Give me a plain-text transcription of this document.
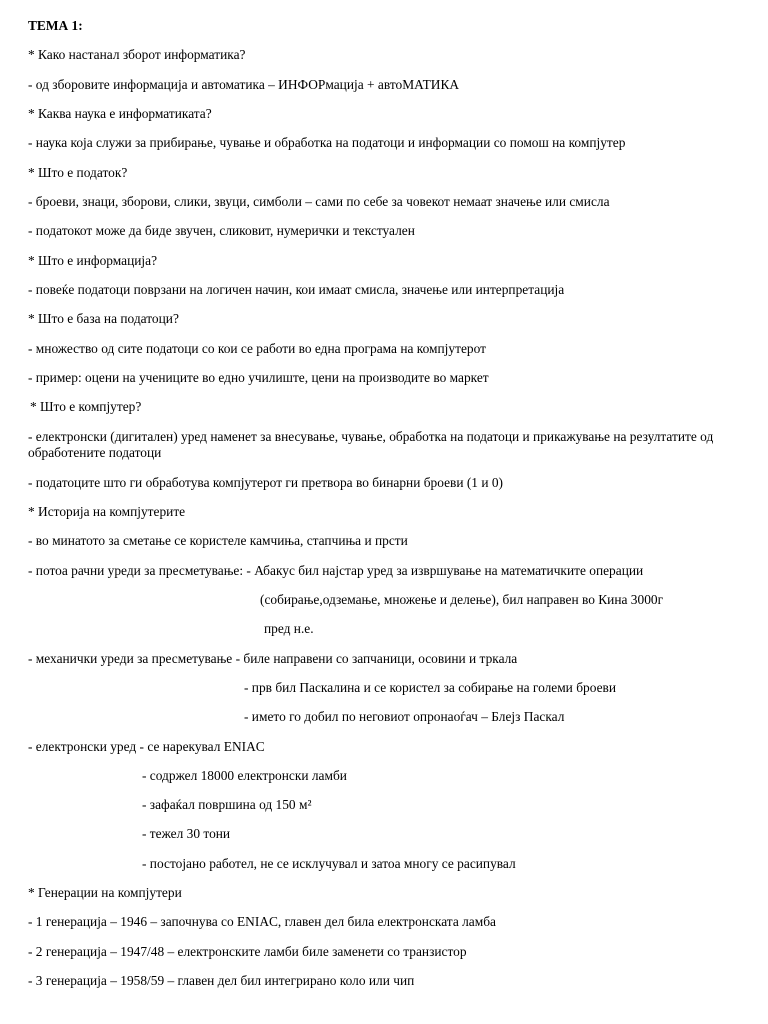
ТЕМА 1:
* Како настанал зборот информатика?
- од зборовите информација и автоматика – ИНФОРмација + автоМАТИКА
* Каква наука е информатиката?
- наука која служи за прибирање, чување и обработка на податоци и информации со помош на компјутер
* Што е податок?
- броеви, знаци, зборови, слики, звуци, симболи – сами по себе за човекот немаат значење или смисла
- податокот може да биде звучен, сликовит, нумерички и текстуален
* Што е информација?
- повеќе податоци поврзани на логичен начин, кои имаат смисла, значење или интерпретација
* Што е база на податоци?
- множество од сите податоци со кои се работи во една програма на компјутерот
- пример: оцени на учениците во едно училиште, цени на производите во маркет
* Што е компјутер?
- електронски (дигитален) уред наменет за внесување, чување, обработка на податоци и прикажување на резултатите од обработените податоци
- податоците што ги обработува компјутерот ги претвора во бинарни броеви (1 и 0)
* Историја на компјутерите
- во минатото за сметање се користеле камчиња, стапчиња и прсти
- потоа рачни уреди за пресметување: - Абакус бил најстар уред за извршување на математичките операции
(собирање,одземање, множење и делење), бил направен во Кина 3000г
пред н.е.
- механички уреди за пресметување - биле направени со запчаници, осовини и тркала
- прв бил Паскалина и се користел за собирање на големи броеви
- името го добил по неговиот опронаоѓач – Блејз Паскал
- електронски уред - се нарекувал ENIAC
- содржел 18000 електронски ламби
- зафаќал површина од 150 м²
- тежел 30 тони
- постојано работел, не се исклучувал и затоа многу се расипувал
* Генерации на компјутери
- 1 генерација – 1946 – започнува со ENIAC, главен дел била електронската ламба
- 2 генерација – 1947/48 – електронските ламби биле заменети со транзистор
- 3 генерација – 1958/59 – главен дел бил интегрирано коло или чип
